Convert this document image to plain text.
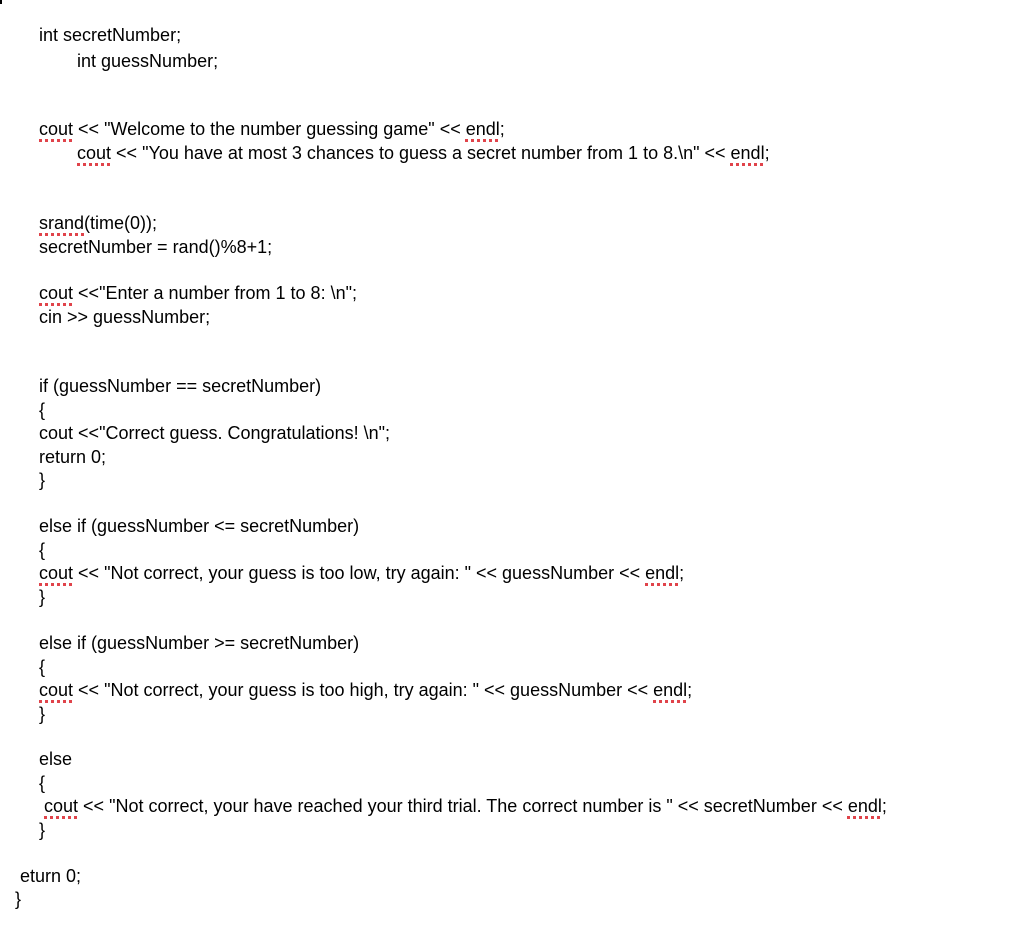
int secretNumber;

int guessNumber;

cout << "Welcome to the number guessing game" << endl;

cout << "You have at most 3 chances to guess a secret number from 1 to 8.\n" << endl;

srand(time(0));

secretNumber = rand()%8+1;

cout <<"Enter a number from 1 to 8: \n";

cin >> guessNumber;

if (guessNumber == secretNumber)

{

cout <<"Correct guess. Congratulations! \n";

return 0;

}

else if (guessNumber <= secretNumber)

{

cout << "Not correct, your guess is too low, try again: " << guessNumber << endl;

}

else if (guessNumber >= secretNumber)

{

cout << "Not correct, your guess is too high, try again: " << guessNumber << endl;

}

else

{

cout << "Not correct, your have reached your third trial. The correct number is " << secretNumber << endl;

}

eturn 0;

}
